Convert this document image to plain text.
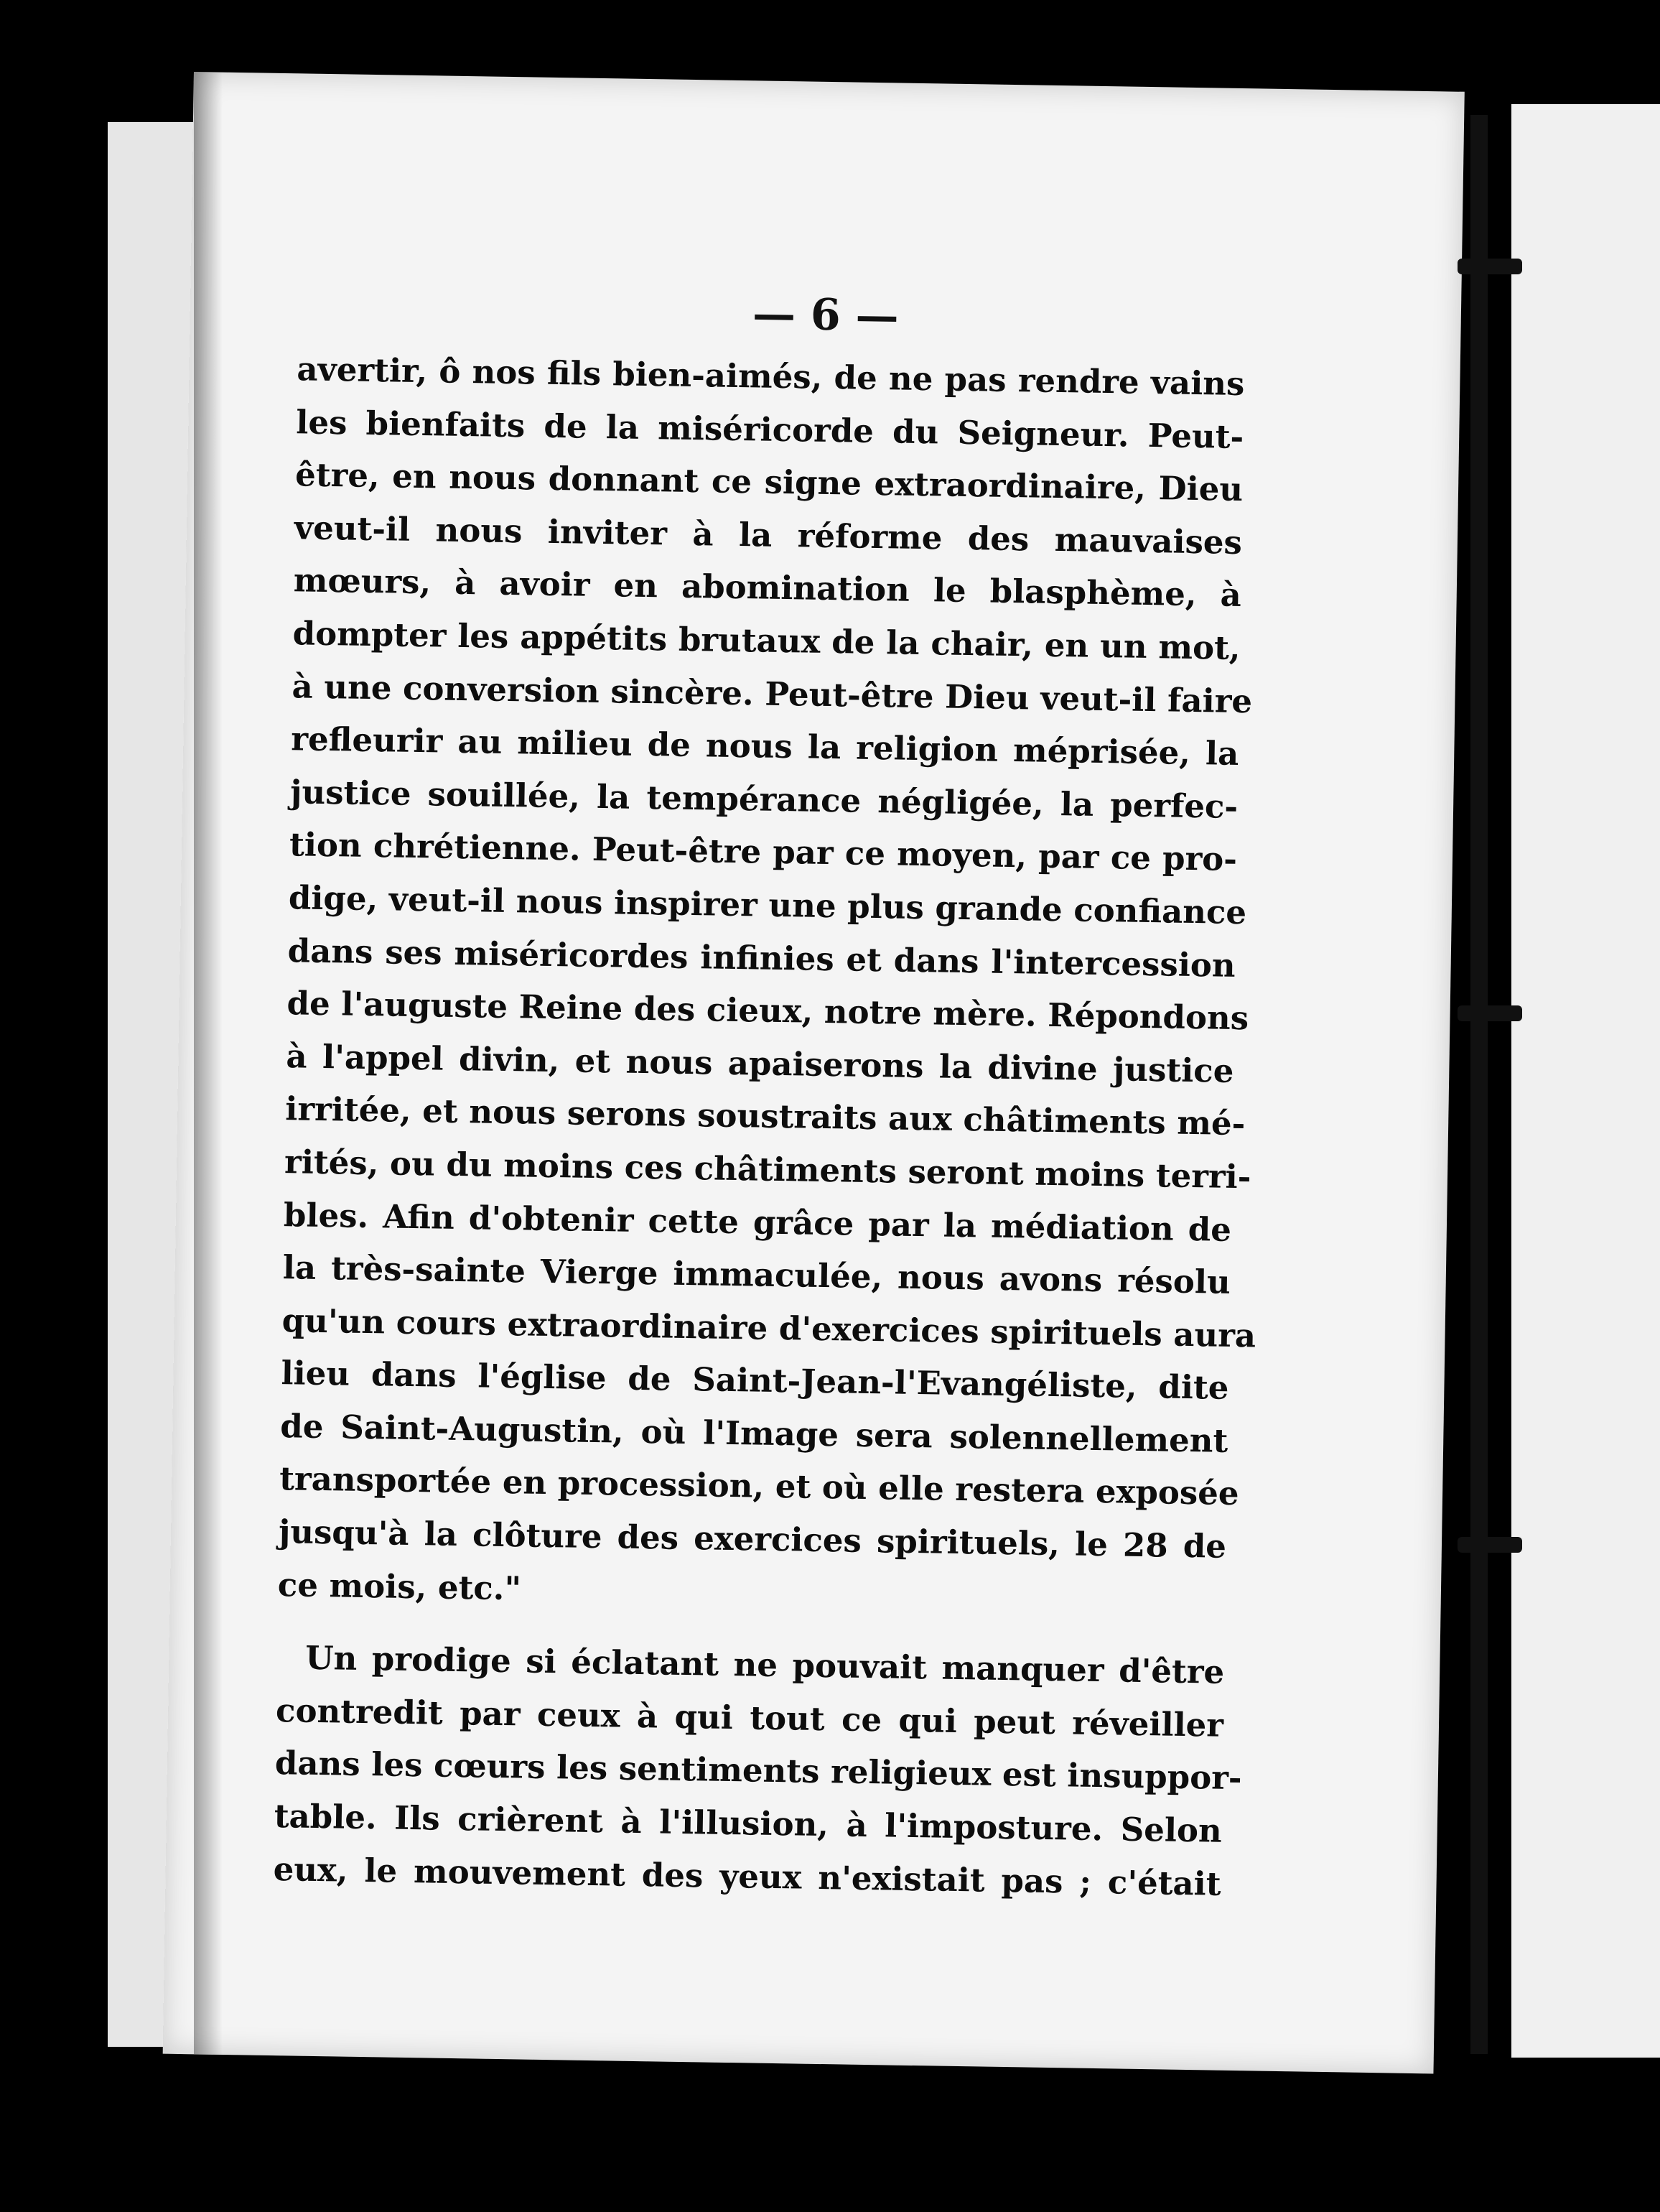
— 6 —
avertir, ô nos fils bien-aimés, de ne pas rendre vains
les bienfaits de la miséricorde du Seigneur. Peut-
être, en nous donnant ce signe extraordinaire, Dieu
veut-il nous inviter à la réforme des mauvaises
mœurs, à avoir en abomination le blasphème, à
dompter les appétits brutaux de la chair, en un mot,
à une conversion sincère. Peut-être Dieu veut-il faire
refleurir au milieu de nous la religion méprisée, la
justice souillée, la tempérance négligée, la perfec-
tion chrétienne. Peut-être par ce moyen, par ce pro-
dige, veut-il nous inspirer une plus grande confiance
dans ses miséricordes infinies et dans l'intercession
de l'auguste Reine des cieux, notre mère. Répondons
à l'appel divin, et nous apaiserons la divine justice
irritée, et nous serons soustraits aux châtiments mé-
rités, ou du moins ces châtiments seront moins terri-
bles. Afin d'obtenir cette grâce par la médiation de
la très-sainte Vierge immaculée, nous avons résolu
qu'un cours extraordinaire d'exercices spirituels aura
lieu dans l'église de Saint-Jean-l'Evangéliste, dite
de Saint-Augustin, où l'Image sera solennellement
transportée en procession, et où elle restera exposée
jusqu'à la clôture des exercices spirituels, le 28 de
ce mois, etc."
Un prodige si éclatant ne pouvait manquer d'être
contredit par ceux à qui tout ce qui peut réveiller
dans les cœurs les sentiments religieux est insuppor-
table. Ils crièrent à l'illusion, à l'imposture. Selon
eux, le mouvement des yeux n'existait pas ; c'était
